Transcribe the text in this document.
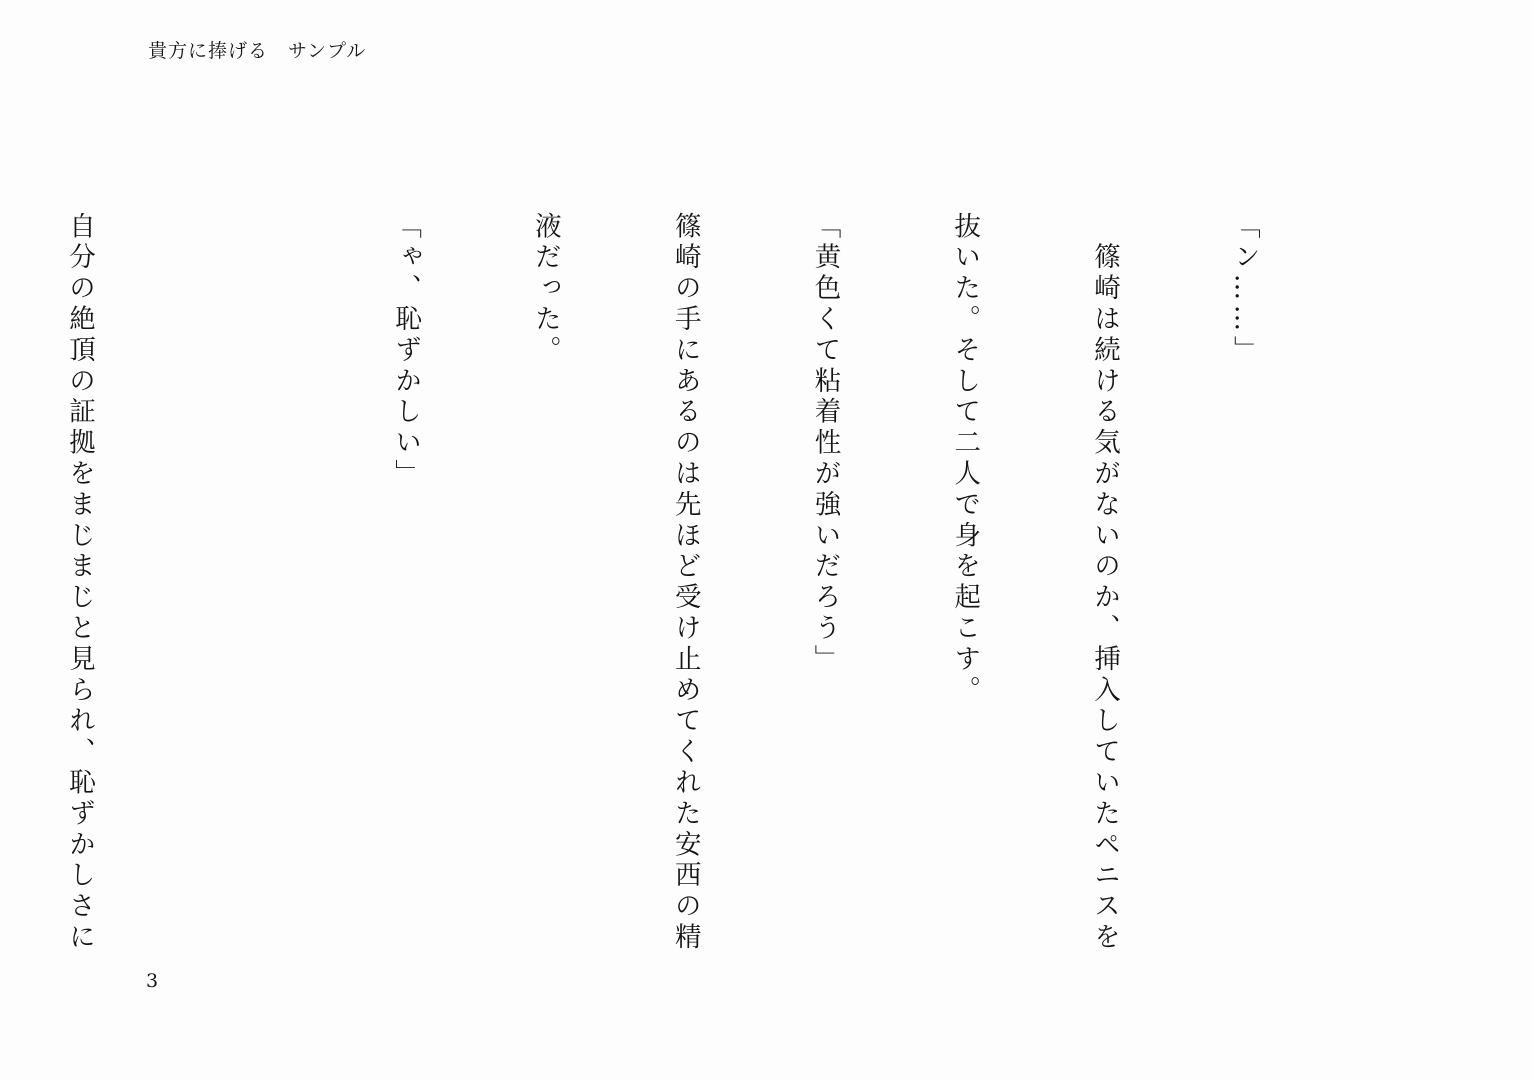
貴方に捧げる　サンプル

「ン……」

　篠崎は続ける気がないのか、挿入していたペニスを

抜いた。そして二人で身を起こす。

「黄色くて粘着性が強いだろう」

篠崎の手にあるのは先ほど受け止めてくれた安西の精

液だった。

「ゃ、恥ずかしい」

自分の絶頂の証拠をまじまじと見られ、恥ずかしさに

3
